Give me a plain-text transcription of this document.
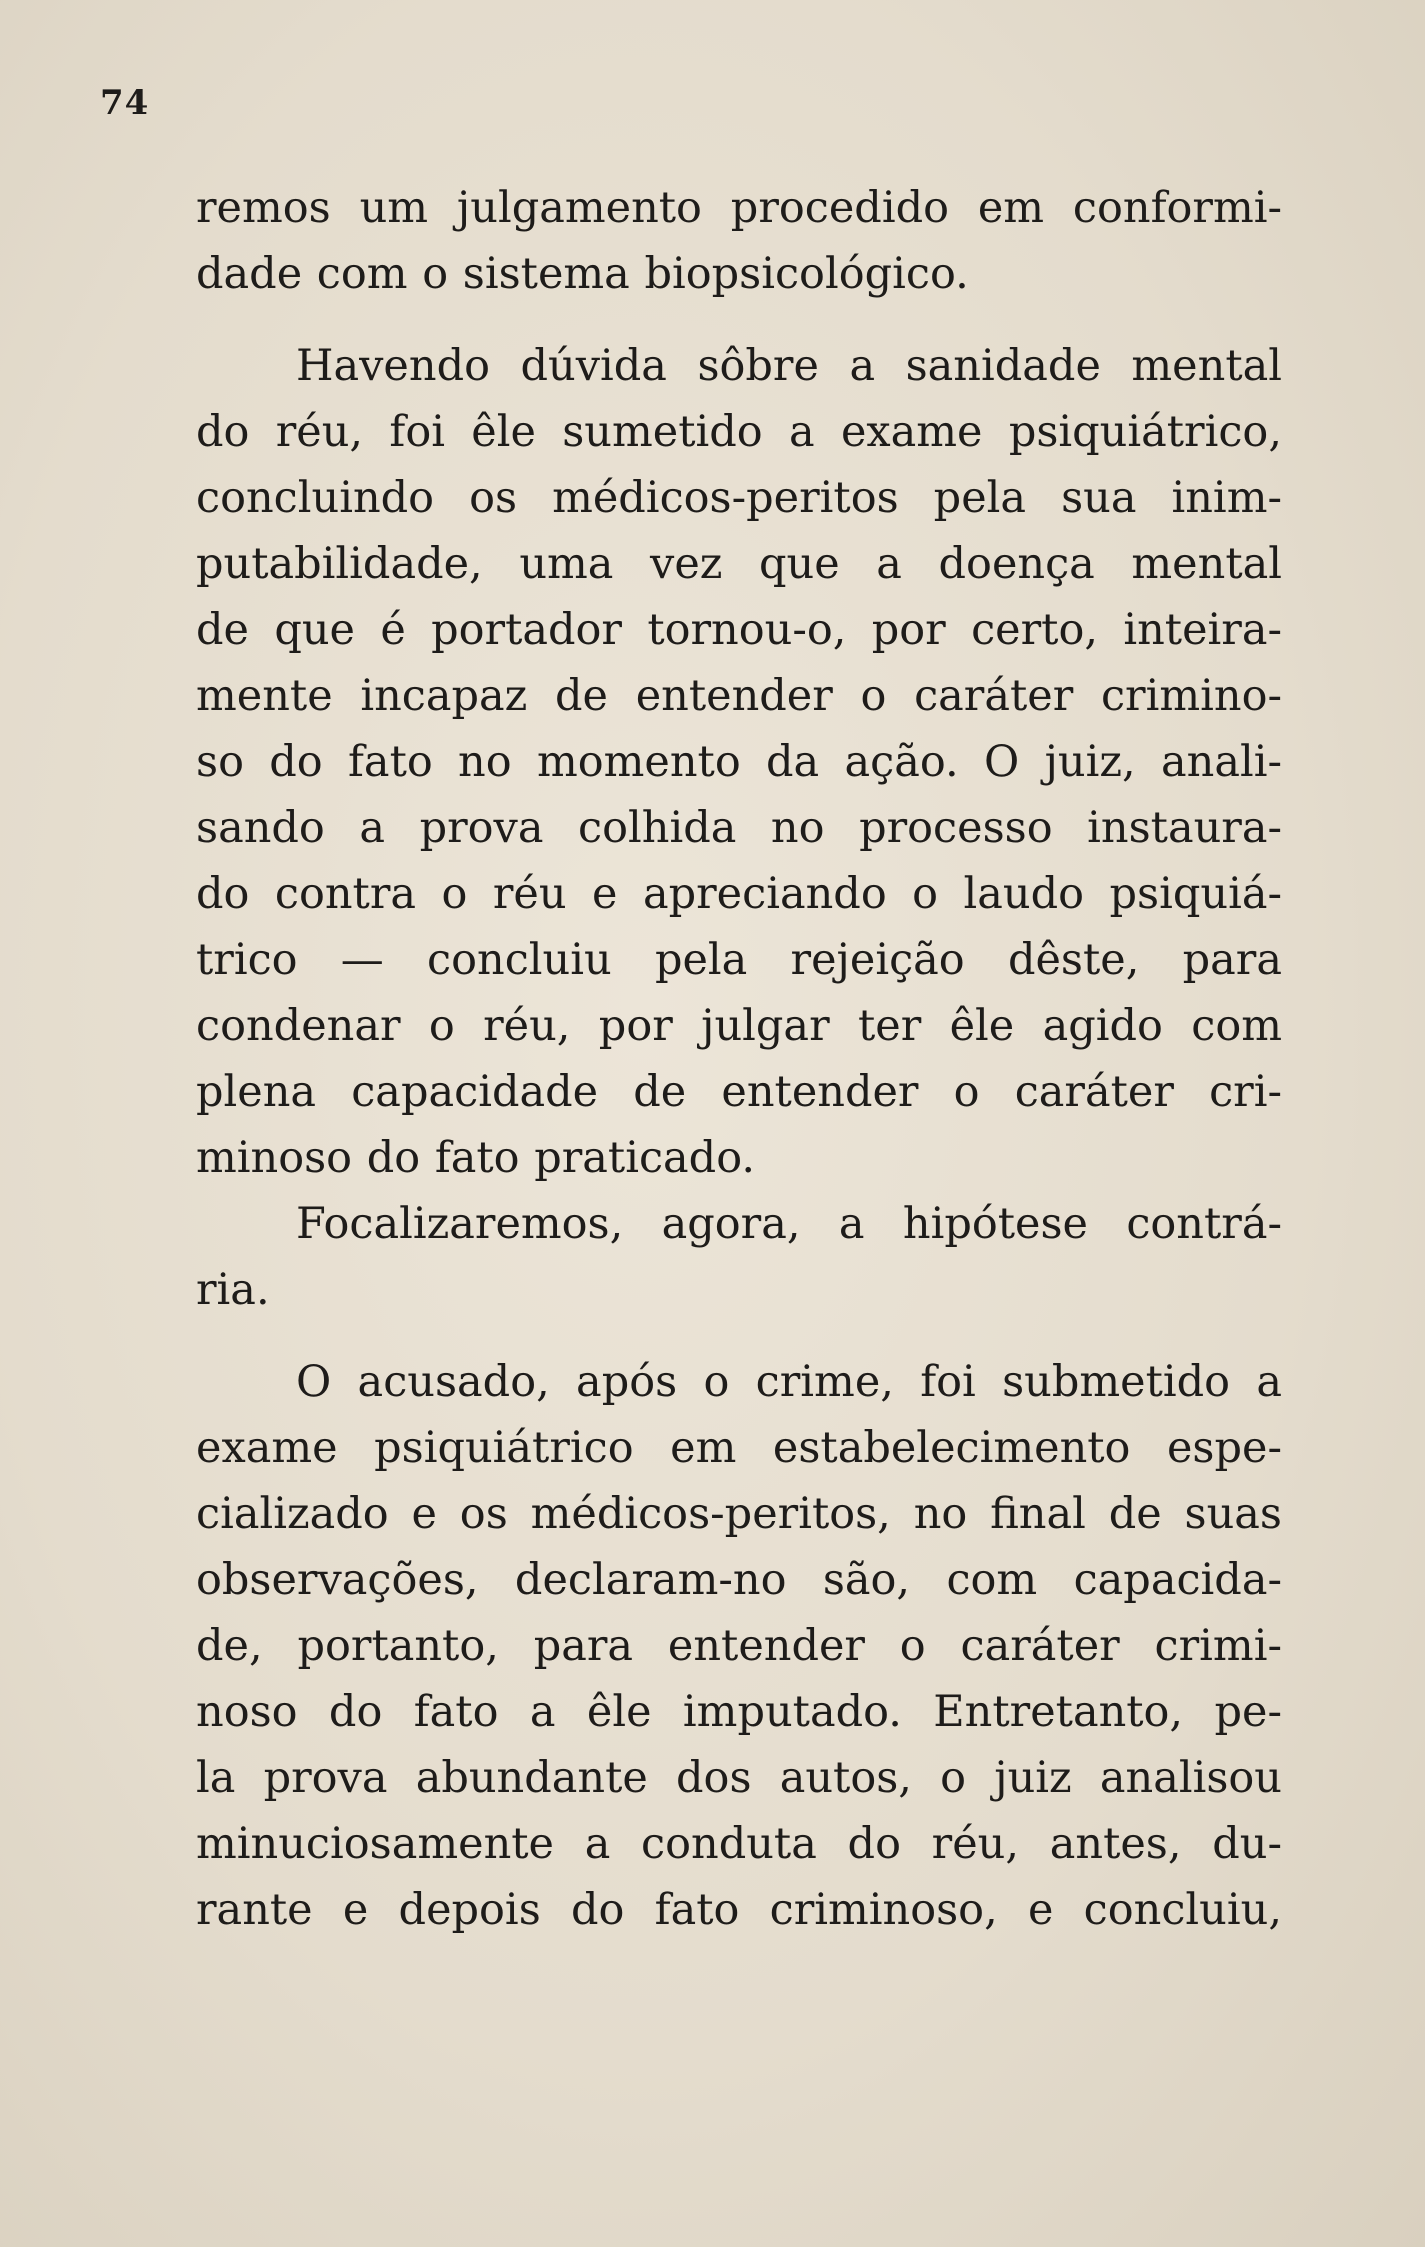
74
remos um julgamento procedido em conformi-
dade com o sistema biopsicológico.
Havendo dúvida sôbre a sanidade mental
do réu, foi êle sumetido a exame psiquiátrico,
concluindo os médicos-peritos pela sua inim-
putabilidade, uma vez que a doença mental
de que é portador tornou-o, por certo, inteira-
mente incapaz de entender o caráter crimino-
so do fato no momento da ação. O juiz, anali-
sando a prova colhida no processo instaura-
do contra o réu e apreciando o laudo psiquiá-
trico — concluiu pela rejeição dêste, para
condenar o réu, por julgar ter êle agido com
plena capacidade de entender o caráter cri-
minoso do fato praticado.
Focalizaremos, agora, a hipótese contrá-
ria.
O acusado, após o crime, foi submetido a
exame psiquiátrico em estabelecimento espe-
cializado e os médicos-peritos, no final de suas
observações, declaram-no são, com capacida-
de, portanto, para entender o caráter crimi-
noso do fato a êle imputado. Entretanto, pe-
la prova abundante dos autos, o juiz analisou
minuciosamente a conduta do réu, antes, du-
rante e depois do fato criminoso, e concluiu,
